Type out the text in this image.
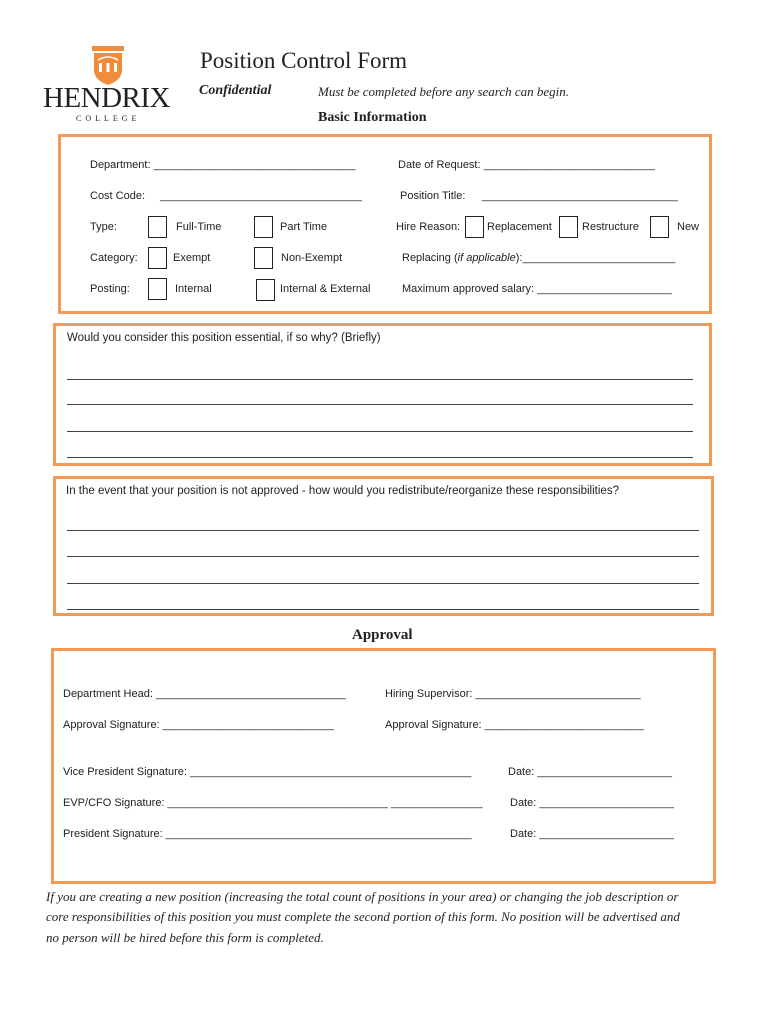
HENDRIX
COLLEGE
Position Control Form
Confidential	Must be completed before any search can begin.
Basic Information
Department: _________________________________	Date of Request: ____________________________
Cost Code: _________________________________	Position Title: ________________________________
Type:	Full-Time	Part Time	Hire Reason: Replacement	Restructure	New
Category:	Exempt	Non-Exempt	Replacing (if applicable):_________________________
Posting:	Internal	Internal & External	Maximum approved salary: ______________________
Would you consider this position essential, if so why? (Briefly)
In the event that your position is not approved - how would you redistribute/reorganize these responsibilities?
Approval
Department Head: _______________________________	Hiring Supervisor: ___________________________
Approval Signature: ____________________________	Approval Signature: __________________________
Vice President Signature: ______________________________________________	Date: ______________________
EVP/CFO Signature: ____________________________________ _______________ Date: ______________________
President Signature: __________________________________________________	Date: ______________________
If you are creating a new position (increasing the total count of positions in your area) or changing the job description or
core responsibilities of this position you must complete the second portion of this form. No position will be advertised and
no person will be hired before this form is completed.
